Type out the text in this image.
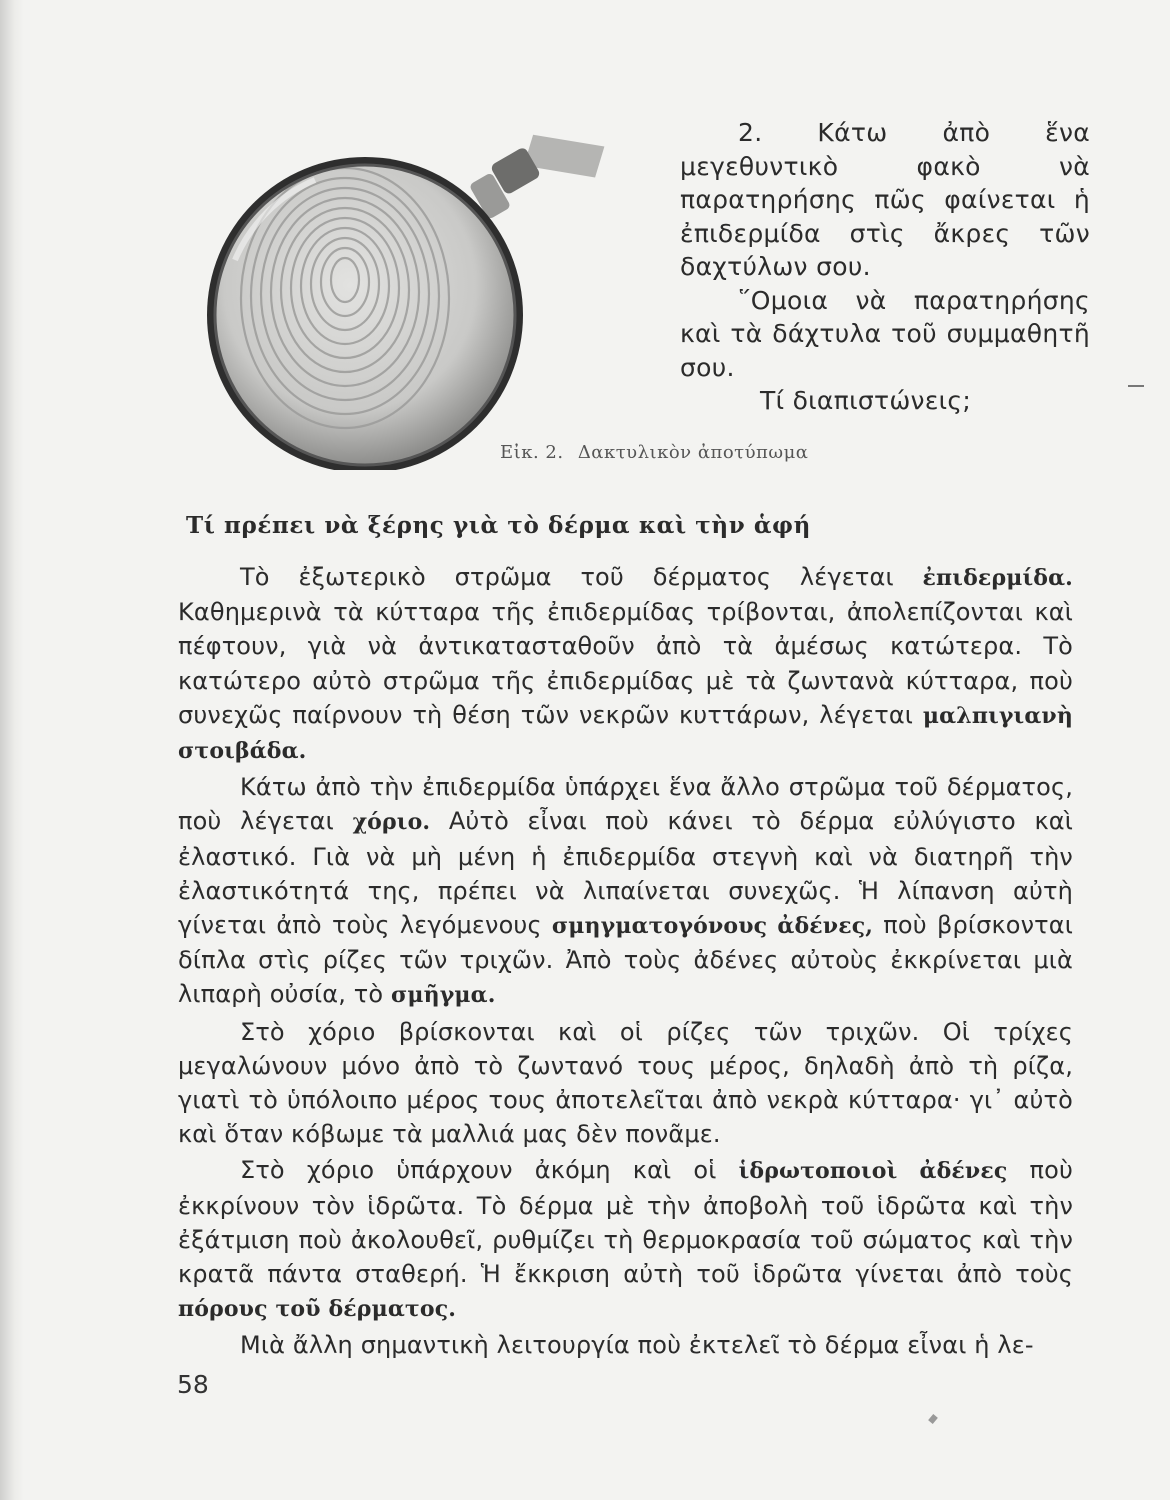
2. Κάτω ἀπὸ ἕνα μεγεθυντικὸ φακὸ νὰ παρατηρήσης πῶς φαίνεται ἡ ἐπιδερμίδα στὶς ἄκρες τῶν δαχτύλων σου.

῞Ομοια νὰ παρατηρήσης καὶ τὰ δάχτυλα τοῦ συμμαθητῆ σου.

Τί διαπιστώνεις;

Εἰκ. 2. Δακτυλικὸν ἀποτύπωμα
Τί πρέπει νὰ ξέρης γιὰ τὸ δέρμα καὶ τὴν ἁφή

Τὸ ἐξωτερικὸ στρῶμα τοῦ δέρματος λέγεται ἐπιδερμίδα. Καθημερινὰ τὰ κύτταρα τῆς ἐπιδερμίδας τρίβονται, ἀπολεπίζονται καὶ πέφτουν, γιὰ νὰ ἀντικατασταθοῦν ἀπὸ τὰ ἀμέσως κατώτερα. Τὸ κατώτερο αὐτὸ στρῶμα τῆς ἐπιδερμίδας μὲ τὰ ζωντανὰ κύτταρα, ποὺ συνεχῶς παίρνουν τὴ θέση τῶν νεκρῶν κυττάρων, λέγεται μαλπιγιανὴ στοιβάδα.

Κάτω ἀπὸ τὴν ἐπιδερμίδα ὑπάρχει ἕνα ἄλλο στρῶμα τοῦ δέρματος, ποὺ λέγεται χόριο. Αὐτὸ εἶναι ποὺ κάνει τὸ δέρμα εὐλύγιστο καὶ ἐλαστικό. Γιὰ νὰ μὴ μένη ἡ ἐπιδερμίδα στεγνὴ καὶ νὰ διατηρῆ τὴν ἐλαστικότητά της, πρέπει νὰ λιπαίνεται συνεχῶς. Ἡ λίπανση αὐτὴ γίνεται ἀπὸ τοὺς λεγόμενους σμηγματογόνους ἀδένες, ποὺ βρίσκονται δίπλα στὶς ρίζες τῶν τριχῶν. Ἀπὸ τοὺς ἀδένες αὐτοὺς ἐκκρίνεται μιὰ λιπαρὴ οὐσία, τὸ σμῆγμα.

Στὸ χόριο βρίσκονται καὶ οἱ ρίζες τῶν τριχῶν. Οἱ τρίχες μεγαλώνουν μόνο ἀπὸ τὸ ζωντανό τους μέρος, δηλαδὴ ἀπὸ τὴ ρίζα, γιατὶ τὸ ὑπόλοιπο μέρος τους ἀποτελεῖται ἀπὸ νεκρὰ κύτταρα· γι᾽ αὐτὸ καὶ ὅταν κόβωμε τὰ μαλλιά μας δὲν πονᾶμε.

Στὸ χόριο ὑπάρχουν ἀκόμη καὶ οἱ ἱδρωτοποιοὶ ἀδένες ποὺ ἐκκρίνουν τὸν ἱδρῶτα. Τὸ δέρμα μὲ τὴν ἀποβολὴ τοῦ ἱδρῶτα καὶ τὴν ἐξάτμιση ποὺ ἀκολουθεῖ, ρυθμίζει τὴ θερμοκρασία τοῦ σώματος καὶ τὴν κρατᾶ πάντα σταθερή. Ἡ ἔκκριση αὐτὴ τοῦ ἱδρῶτα γίνεται ἀπὸ τοὺς πόρους τοῦ δέρματος.

Μιὰ ἄλλη σημαντικὴ λειτουργία ποὺ ἐκτελεῖ τὸ δέρμα εἶναι ἡ λε-

58
